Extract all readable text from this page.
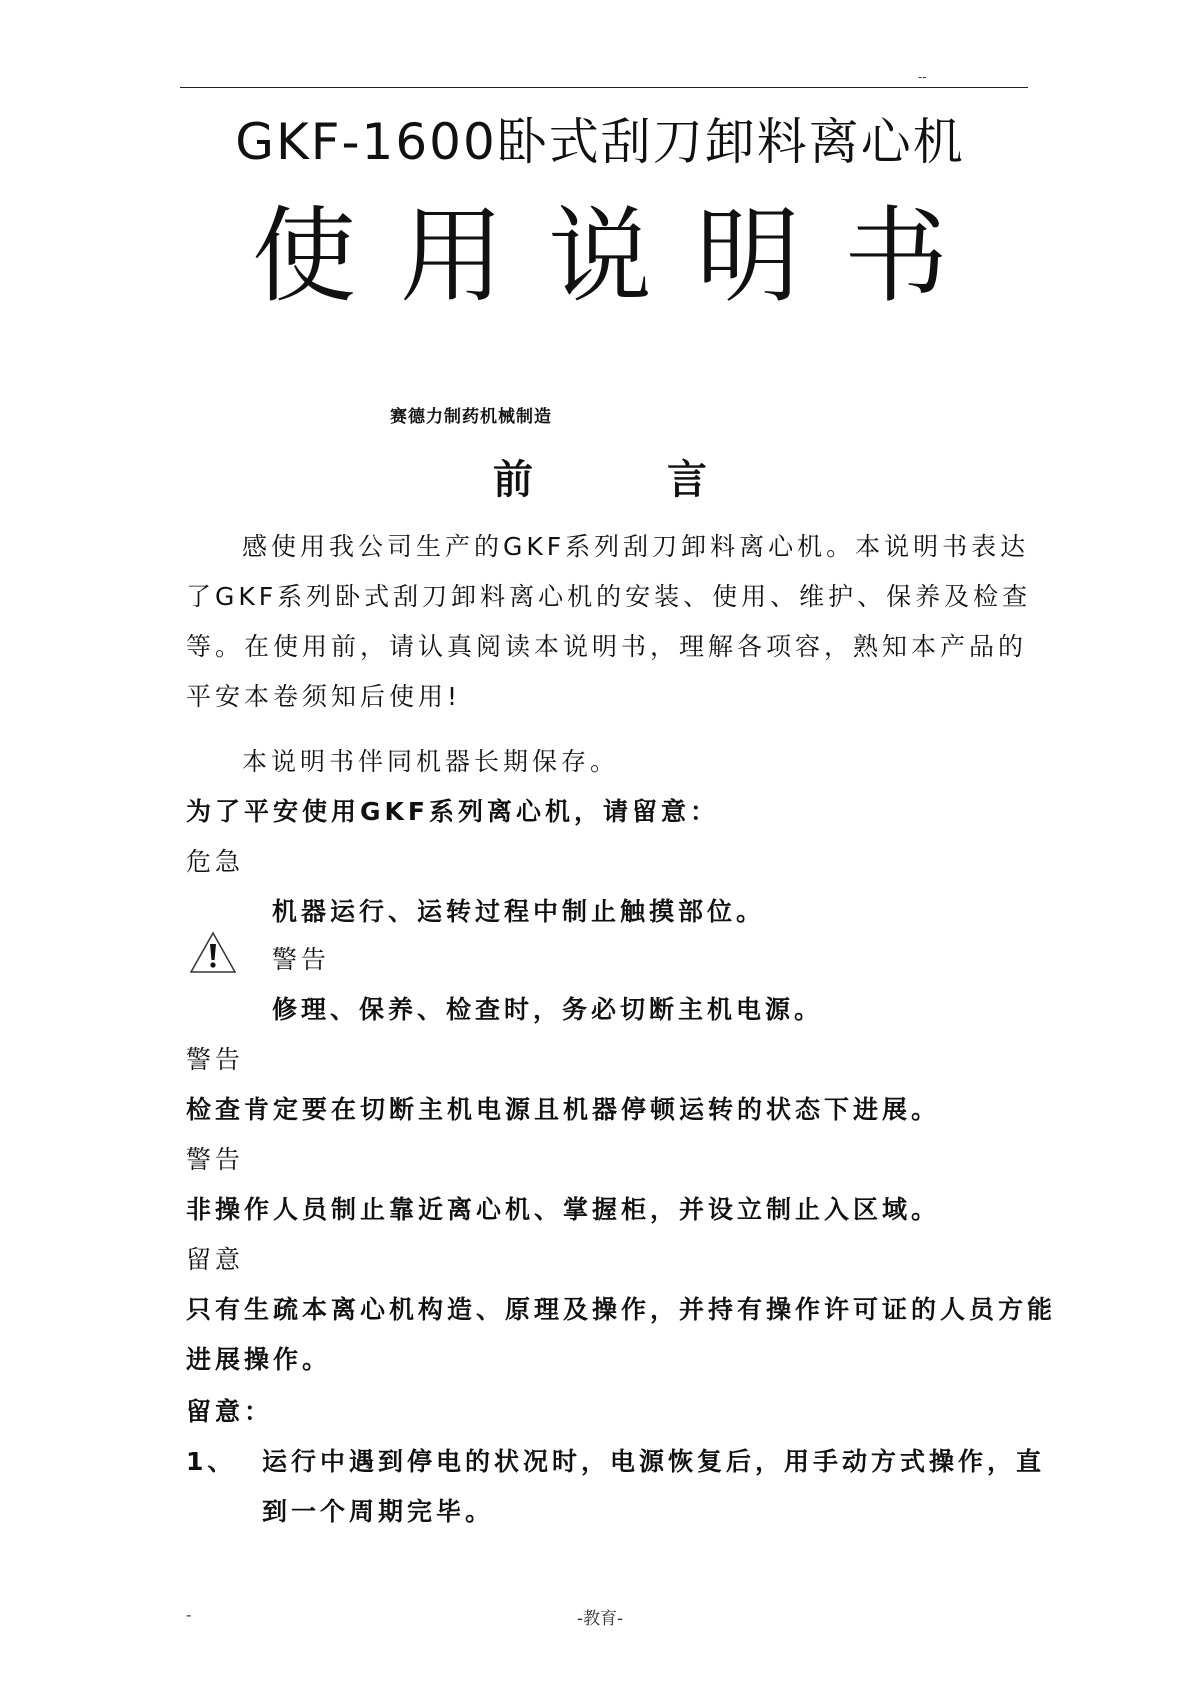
--
GKF-1600卧式刮刀卸料离心机
使用说明书
赛德力制药机械制造
前 言
感使用我公司生产的GKF系列刮刀卸料离心机。本说明书表达了GKF系列卧式刮刀卸料离心机的安装、使用、维护、保养及检查等。在使用前，请认真阅读本说明书，理解各项容，熟知本产品的平安本卷须知后使用!
本说明书伴同机器长期保存。
为了平安使用GKF系列离心机，请留意：
危急
机器运行、运转过程中制止触摸部位。
警告
修理、保养、检查时，务必切断主机电源。
警告
检查肯定要在切断主机电源且机器停顿运转的状态下进展。
警告
非操作人员制止靠近离心机、掌握柜，并设立制止入区域。
留意
只有生疏本离心机构造、原理及操作，并持有操作许可证的人员方能
进展操作。
留意：
1、 运行中遇到停电的状况时，电源恢复后，用手动方式操作，直
到一个周期完毕。
-	-教育-
